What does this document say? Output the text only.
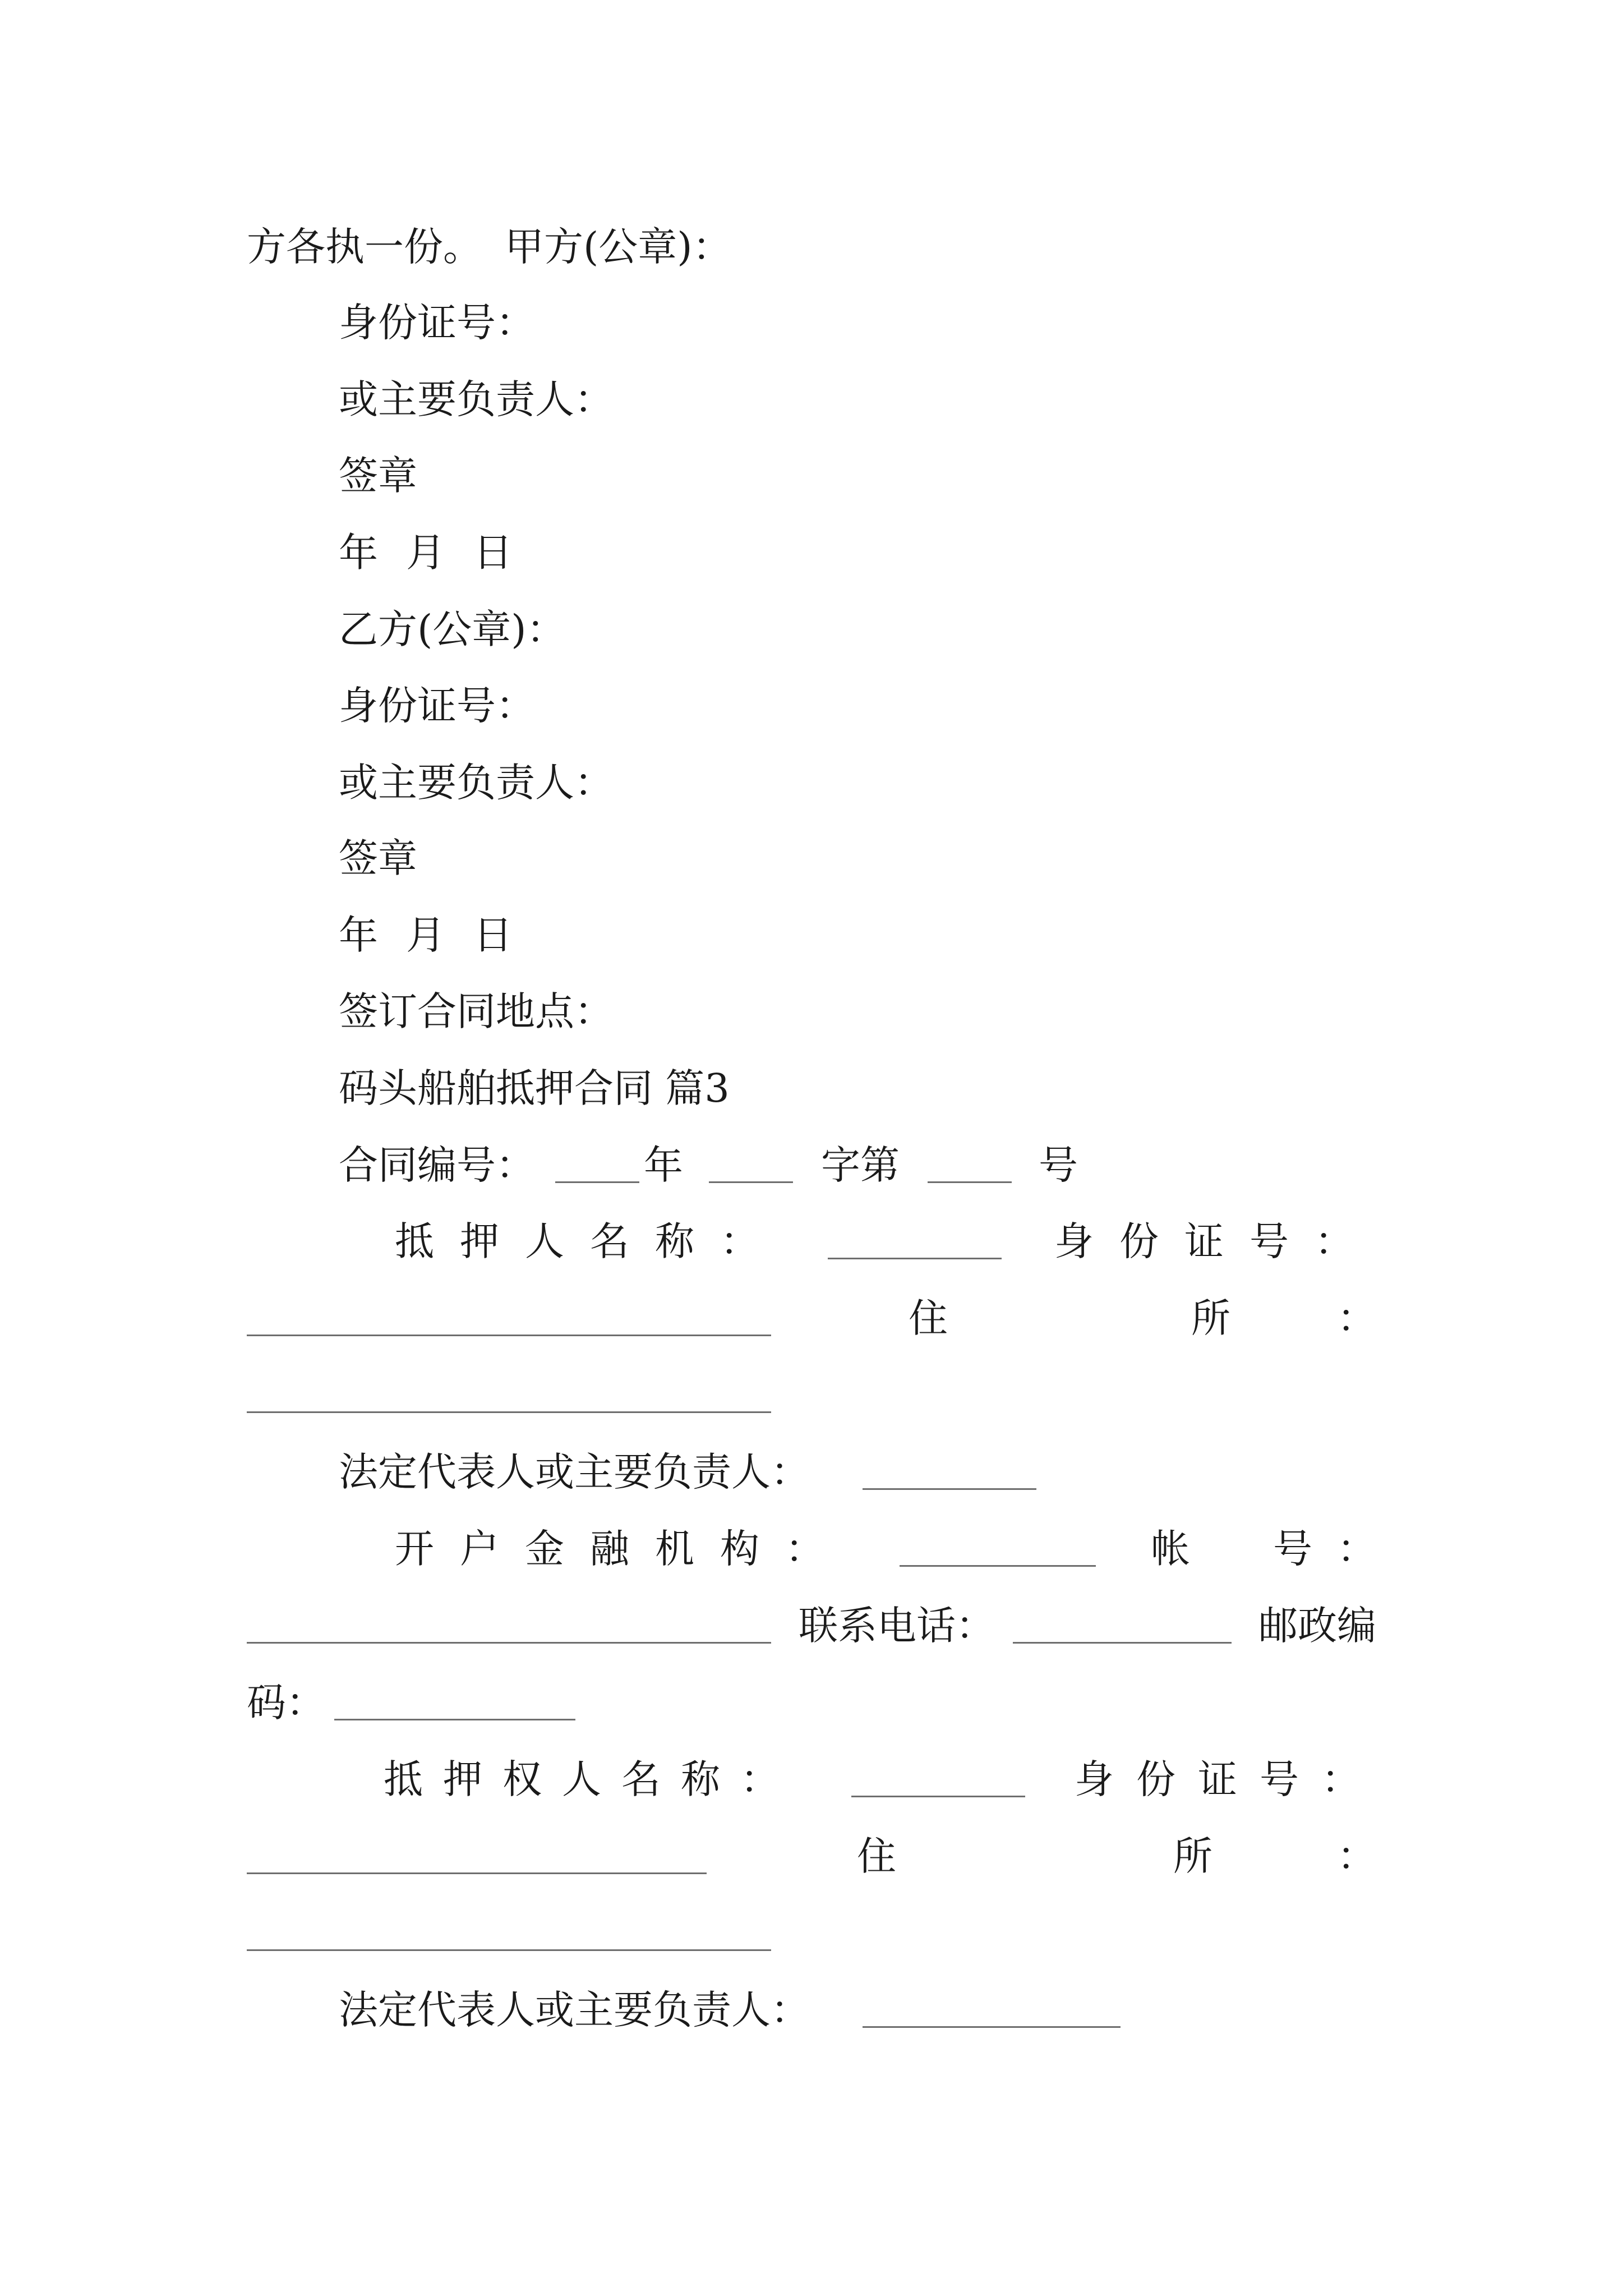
方各执一份。 甲方(公章)：
身份证号：
或主要负责人：
签章
年 月 日
乙方(公章)：
身份证号：
或主要负责人：
签章
年 月 日
签订合同地点：
码头船舶抵押合同 篇3
合同编号：	年	字第	号
抵押人名称：	身份证号：
住	所	：
法定代表人或主要负责人：
开户金融机构：	帐 号 ：
联系电话：	邮政编
码：
抵押权人名称：	身份证号：
住	所	：
法定代表人或主要负责人：
